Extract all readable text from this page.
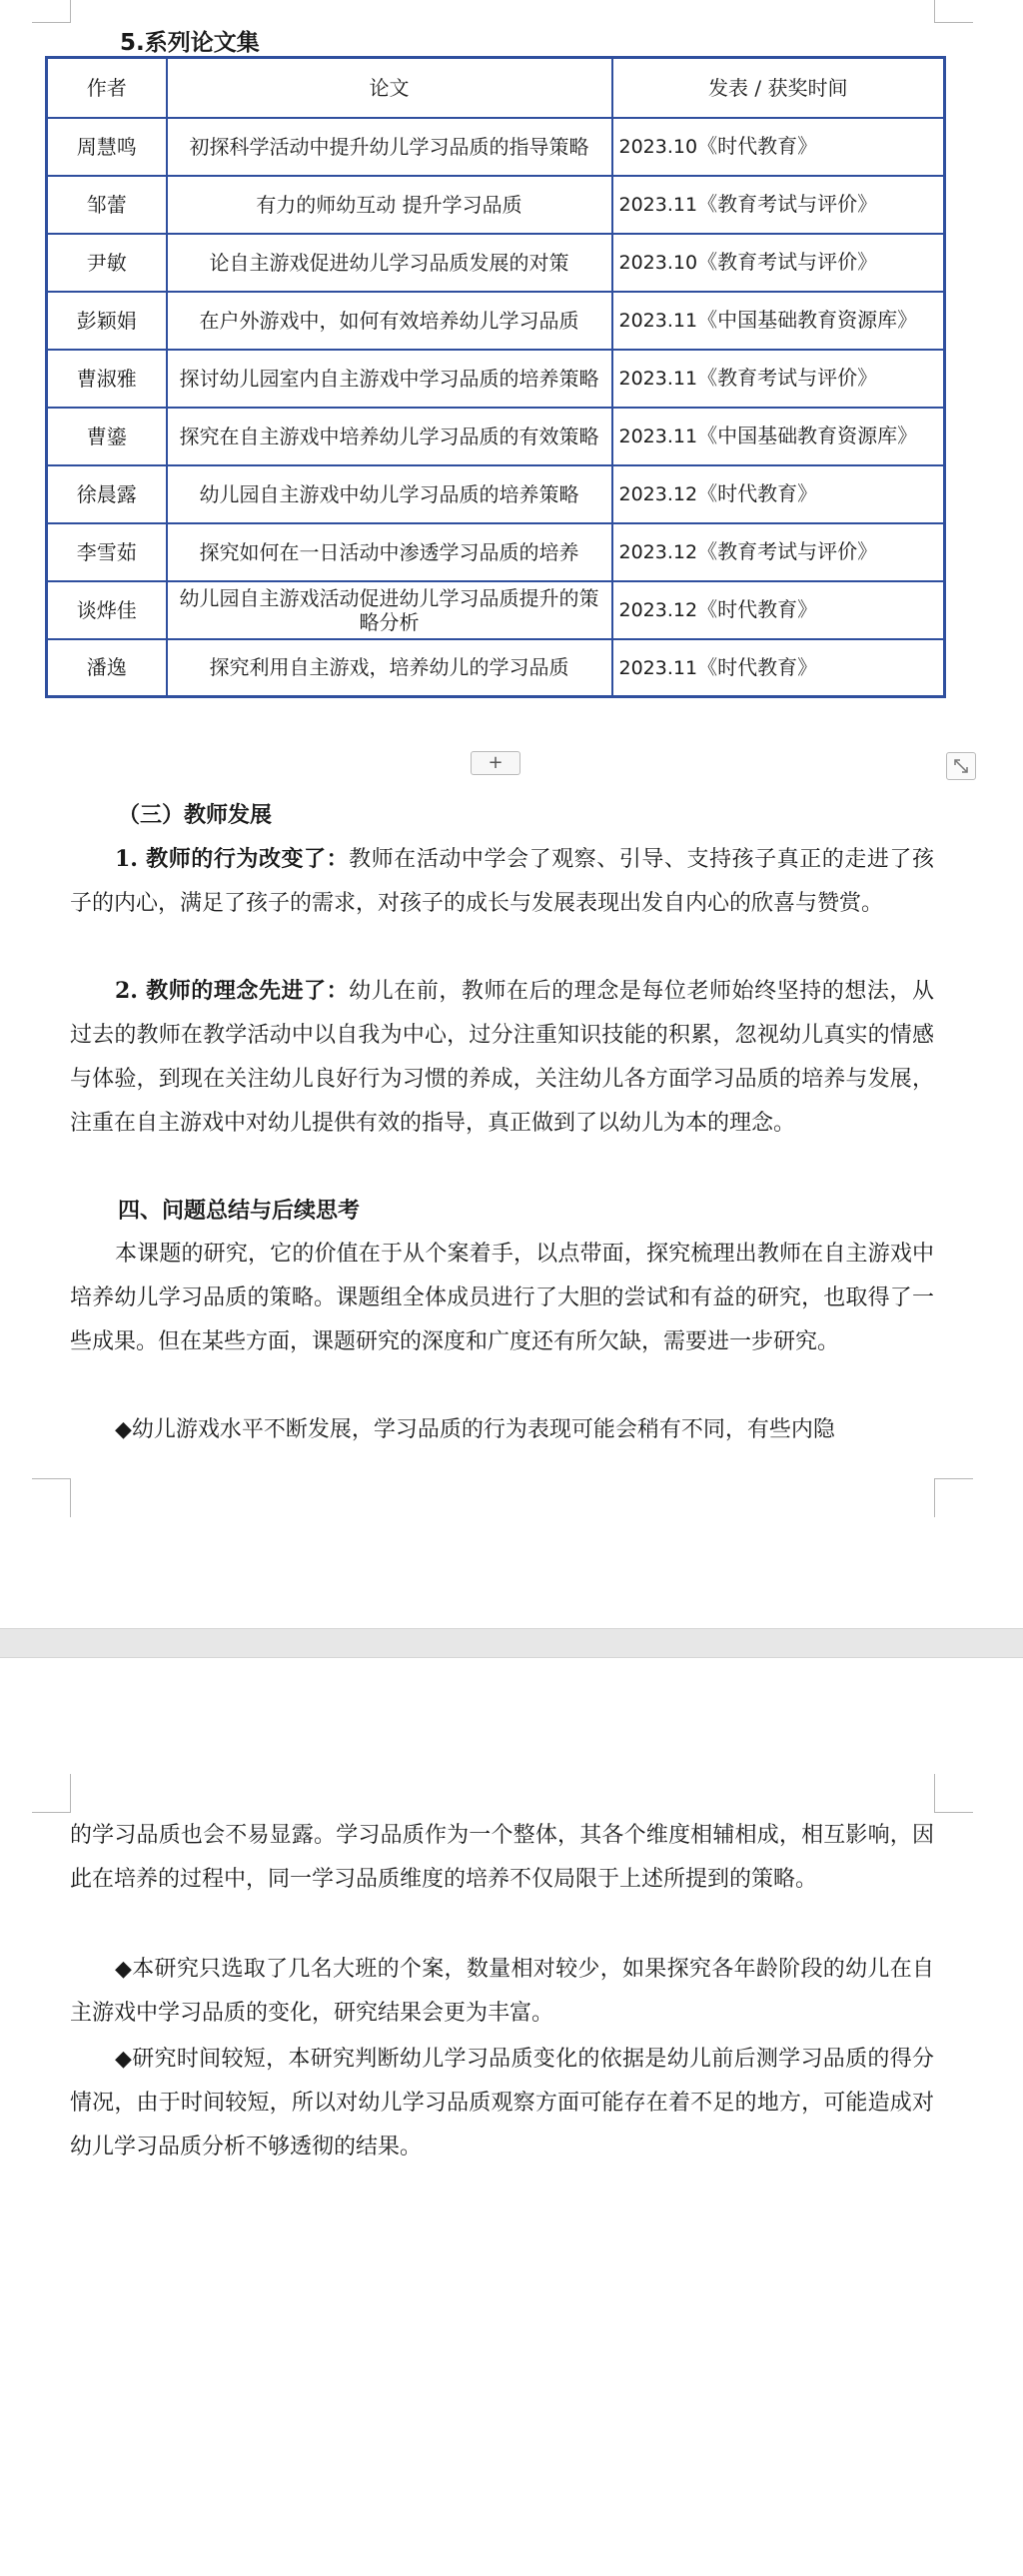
5.系列论文集
作者	论文	发表 / 获奖时间
周慧鸣	初探科学活动中提升幼儿学习品质的指导策略	2023.10《时代教育》
邹蕾	有力的师幼互动 提升学习品质	2023.11《教育考试与评价》
尹敏	论自主游戏促进幼儿学习品质发展的对策	2023.10《教育考试与评价》
彭颖娟	在户外游戏中，如何有效培养幼儿学习品质	2023.11《中国基础教育资源库》
曹淑雅	探讨幼儿园室内自主游戏中学习品质的培养策略	2023.11《教育考试与评价》
曹鎏	探究在自主游戏中培养幼儿学习品质的有效策略	2023.11《中国基础教育资源库》
徐晨露	幼儿园自主游戏中幼儿学习品质的培养策略	2023.12《时代教育》
李雪茹	探究如何在一日活动中渗透学习品质的培养	2023.12《教育考试与评价》
谈烨佳	幼儿园自主游戏活动促进幼儿学习品质提升的策略分析	2023.12《时代教育》
潘逸	探究利用自主游戏，培养幼儿的学习品质	2023.11《时代教育》
+
（三）教师发展

1. 教师的行为改变了：教师在活动中学会了观察、引导、支持孩子真正的走进了孩子的内心，满足了孩子的需求，对孩子的成长与发展表现出发自内心的欣喜与赞赏。

2. 教师的理念先进了：幼儿在前，教师在后的理念是每位老师始终坚持的想法，从过去的教师在教学活动中以自我为中心，过分注重知识技能的积累，忽视幼儿真实的情感与体验，到现在关注幼儿良好行为习惯的养成，关注幼儿各方面学习品质的培养与发展，注重在自主游戏中对幼儿提供有效的指导，真正做到了以幼儿为本的理念。

四、问题总结与后续思考

本课题的研究，它的价值在于从个案着手，以点带面，探究梳理出教师在自主游戏中培养幼儿学习品质的策略。课题组全体成员进行了大胆的尝试和有益的研究，也取得了一些成果。但在某些方面，课题研究的深度和广度还有所欠缺，需要进一步研究。

◆幼儿游戏水平不断发展，学习品质的行为表现可能会稍有不同，有些内隐

的学习品质也会不易显露。学习品质作为一个整体，其各个维度相辅相成，相互影响，因此在培养的过程中，同一学习品质维度的培养不仅局限于上述所提到的策略。

◆本研究只选取了几名大班的个案，数量相对较少，如果探究各年龄阶段的幼儿在自主游戏中学习品质的变化，研究结果会更为丰富。

◆研究时间较短，本研究判断幼儿学习品质变化的依据是幼儿前后测学习品质的得分情况，由于时间较短，所以对幼儿学习品质观察方面可能存在着不足的地方，可能造成对幼儿学习品质分析不够透彻的结果。
